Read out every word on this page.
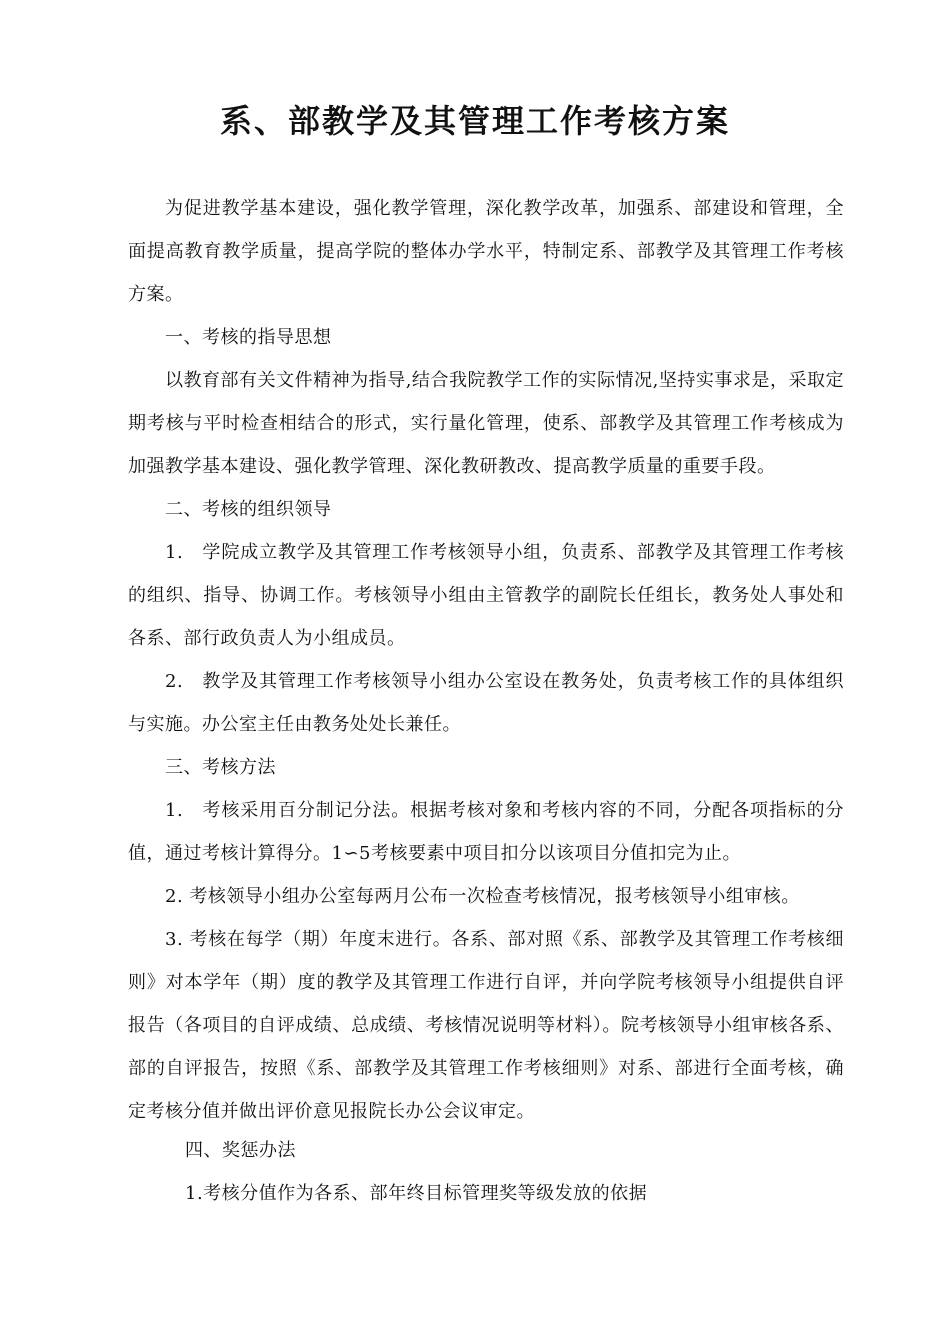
系、部教学及其管理工作考核方案

为促进教学基本建设，强化教学管理，深化教学改革，加强系、部建设和管理，全面提高教育教学质量，提高学院的整体办学水平，特制定系、部教学及其管理工作考核方案。

一、考核的指导思想

以教育部有关文件精神为指导,结合我院教学工作的实际情况,坚持实事求是，采取定期考核与平时检查相结合的形式，实行量化管理，使系、部教学及其管理工作考核成为加强教学基本建设、强化教学管理、深化教研教改、提高教学质量的重要手段。

二、考核的组织领导

1.　学院成立教学及其管理工作考核领导小组，负责系、部教学及其管理工作考核的组织、指导、协调工作。考核领导小组由主管教学的副院长任组长，教务处人事处和各系、部行政负责人为小组成员。

2.　教学及其管理工作考核领导小组办公室设在教务处，负责考核工作的具体组织与实施。办公室主任由教务处处长兼任。

三、考核方法

1.　考核采用百分制记分法。根据考核对象和考核内容的不同，分配各项指标的分值，通过考核计算得分。1∽5考核要素中项目扣分以该项目分值扣完为止。

2. 考核领导小组办公室每两月公布一次检查考核情况，报考核领导小组审核。

3. 考核在每学（期）年度末进行。各系、部对照《系、部教学及其管理工作考核细则》对本学年（期）度的教学及其管理工作进行自评，并向学院考核领导小组提供自评报告（各项目的自评成绩、总成绩、考核情况说明等材料）。院考核领导小组审核各系、部的自评报告，按照《系、部教学及其管理工作考核细则》对系、部进行全面考核，确定考核分值并做出评价意见报院长办公会议审定。

四、奖惩办法

1.考核分值作为各系、部年终目标管理奖等级发放的依据
